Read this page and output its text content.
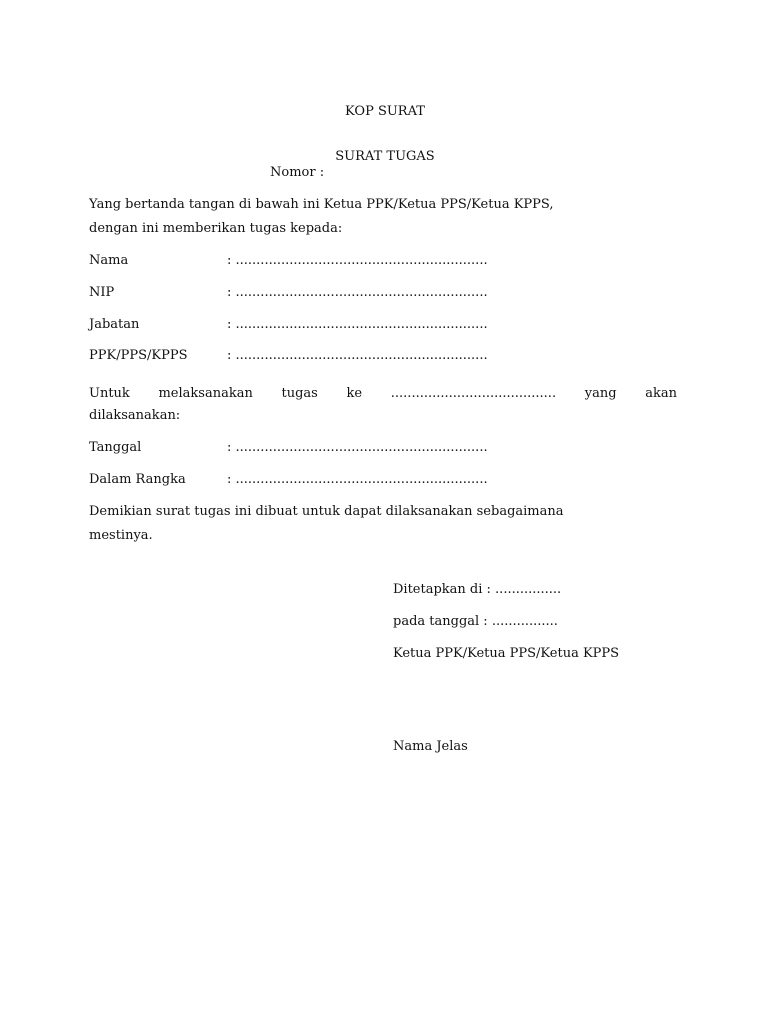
KOP SURAT
SURAT TUGAS
Nomor :
Yang bertanda tangan di bawah ini Ketua PPK/Ketua PPS/Ketua KPPS,
dengan ini memberikan tugas kepada:
Nama	: .............................................................
NIP	: .............................................................
Jabatan	: .............................................................
PPK/PPS/KPPS	: .............................................................
Untuk melaksanakan tugas ke ........................................ yang akan
dilaksanakan:
Tanggal	: .............................................................
Dalam Rangka	: .............................................................
Demikian surat tugas ini dibuat untuk dapat dilaksanakan sebagaimana
mestinya.
Ditetapkan di : ................
pada tanggal : ................
Ketua PPK/Ketua PPS/Ketua KPPS
Nama Jelas
